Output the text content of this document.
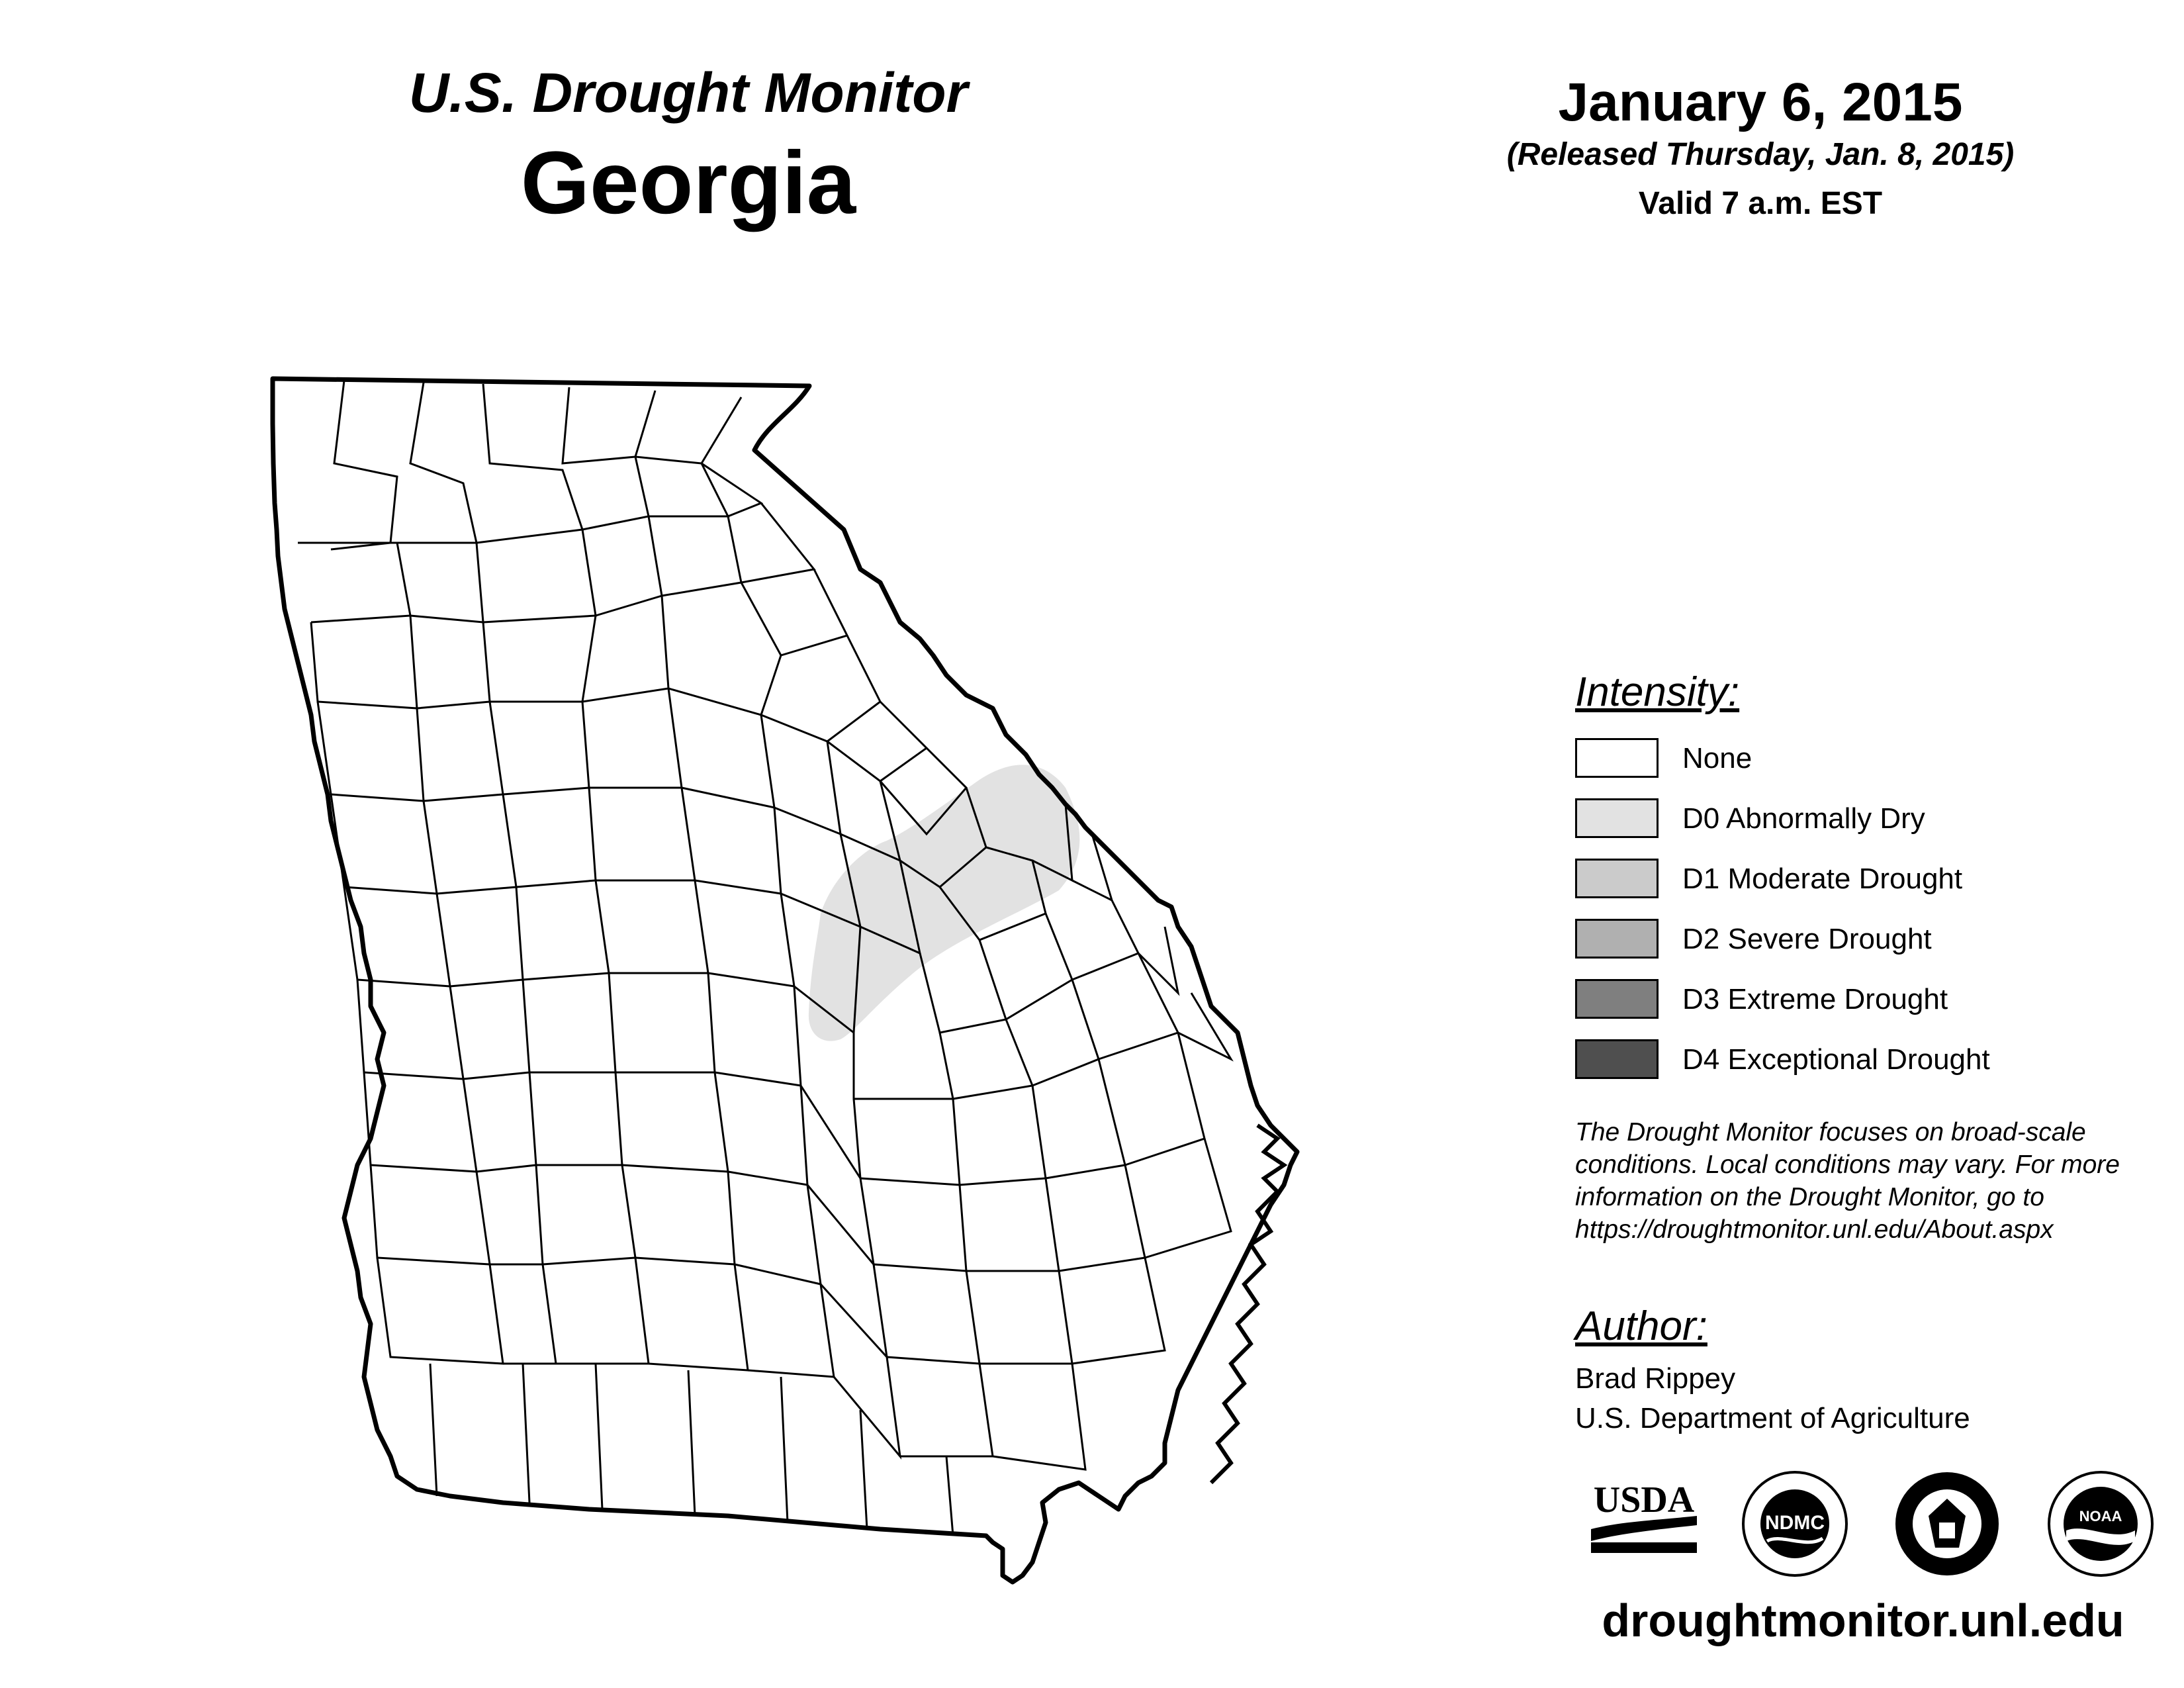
U.S. Drought Monitor
Georgia
January 6, 2015
(Released Thursday, Jan. 8, 2015)
Valid 7 a.m. EST
Intensity:
None
D0 Abnormally Dry
D1 Moderate Drought
D2 Severe Drought
D3 Extreme Drought
D4 Exceptional Drought
The Drought Monitor focuses on broad-scale conditions. Local conditions may vary. For more information on the Drought Monitor, go to https://droughtmonitor.unl.edu/About.aspx
Author:
Brad Rippey
U.S. Department of Agriculture
USDA
NDMC	NOAA
droughtmonitor.unl.edu
